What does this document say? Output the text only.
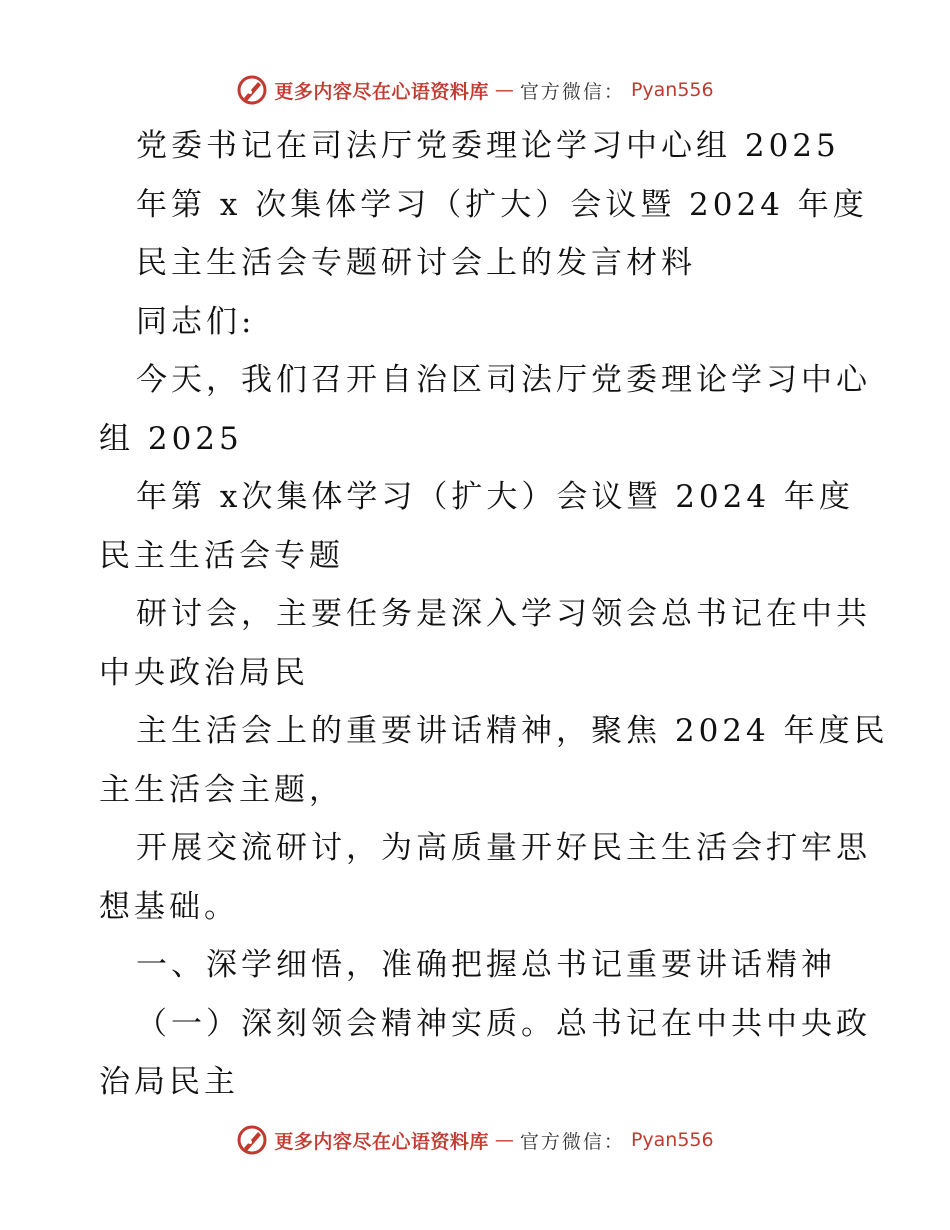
更多内容尽在心语资料库 — 官方微信： Pyan556
党委书记在司法厅党委理论学习中心组 2025
年第 x 次集体学习（扩大）会议暨 2024 年度
民主生活会专题研讨会上的发言材料
同志们:
今天，我们召开自治区司法厅党委理论学习中心
组 2025
年第 x次集体学习（扩大）会议暨 2024 年度
民主生活会专题
研讨会，主要任务是深入学习领会总书记在中共
中央政治局民
主生活会上的重要讲话精神，聚焦 2024 年度民
主生活会主题，
开展交流研讨，为高质量开好民主生活会打牢思
想基础。
一、深学细悟，准确把握总书记重要讲话精神
（一）深刻领会精神实质。总书记在中共中央政
治局民主
更多内容尽在心语资料库 — 官方微信： Pyan556
